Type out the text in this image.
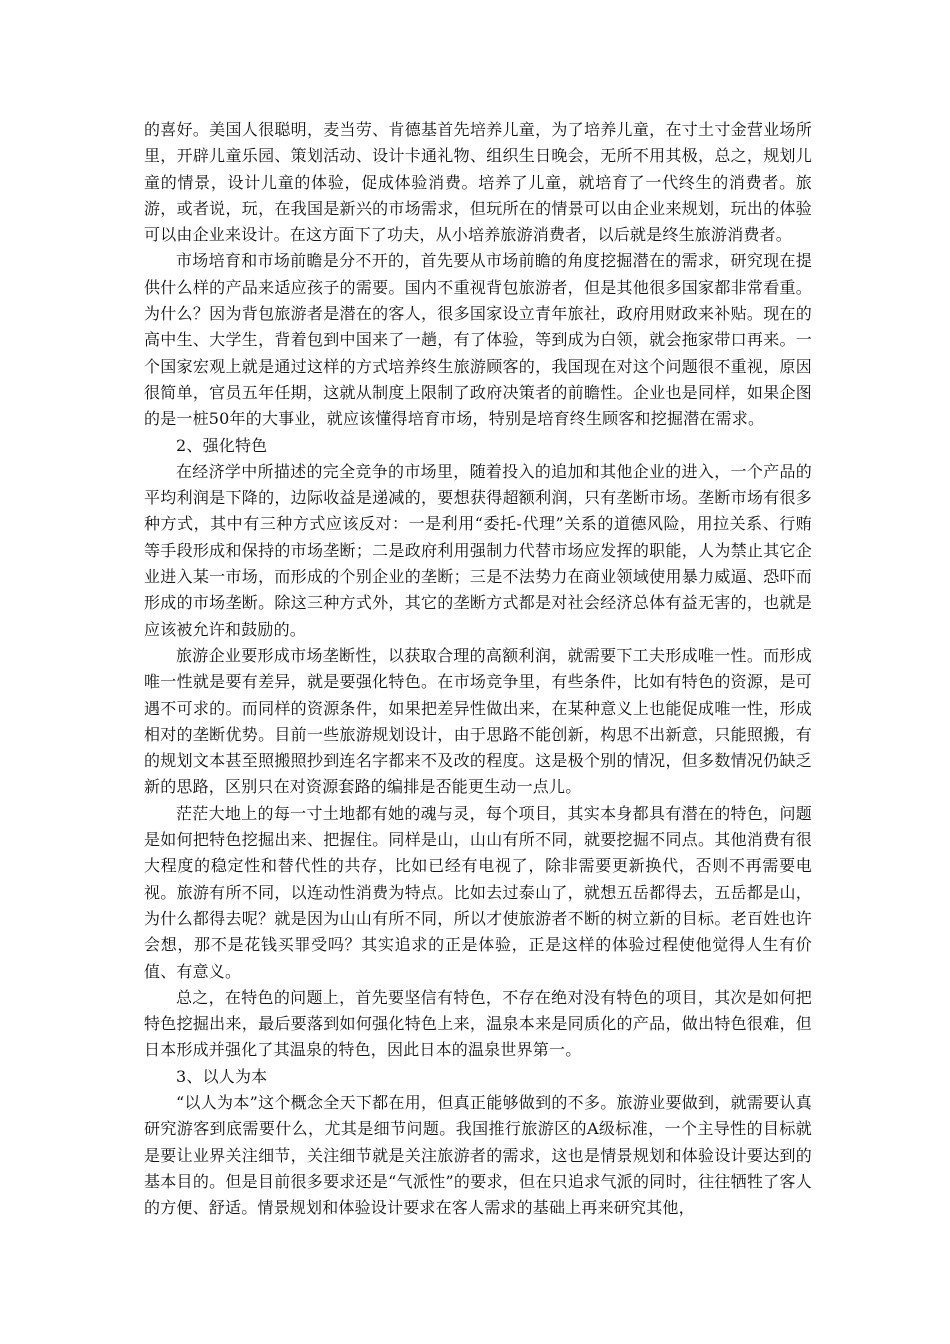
的喜好。美国人很聪明，麦当劳、肯德基首先培养儿童，为了培养儿童，在寸土寸金营业场所里，开辟儿童乐园、策划活动、设计卡通礼物、组织生日晚会，无所不用其极，总之，规划儿童的情景，设计儿童的体验，促成体验消费。培养了儿童，就培育了一代终生的消费者。旅游，或者说，玩，在我国是新兴的市场需求，但玩所在的情景可以由企业来规划，玩出的体验可以由企业来设计。在这方面下了功夫，从小培养旅游消费者，以后就是终生旅游消费者。

市场培育和市场前瞻是分不开的，首先要从市场前瞻的角度挖掘潜在的需求，研究现在提供什么样的产品来适应孩子的需要。国内不重视背包旅游者，但是其他很多国家都非常看重。为什么？因为背包旅游者是潜在的客人，很多国家设立青年旅社，政府用财政来补贴。现在的高中生、大学生，背着包到中国来了一趟，有了体验，等到成为白领，就会拖家带口再来。一个国家宏观上就是通过这样的方式培养终生旅游顾客的，我国现在对这个问题很不重视，原因很简单，官员五年任期，这就从制度上限制了政府决策者的前瞻性。企业也是同样，如果企图的是一桩50年的大事业，就应该懂得培育市场，特别是培育终生顾客和挖掘潜在需求。

2、强化特色

在经济学中所描述的完全竞争的市场里，随着投入的追加和其他企业的进入，一个产品的平均利润是下降的，边际收益是递减的，要想获得超额利润，只有垄断市场。垄断市场有很多种方式，其中有三种方式应该反对：一是利用“委托-代理”关系的道德风险，用拉关系、行贿等手段形成和保持的市场垄断；二是政府利用强制力代替市场应发挥的职能，人为禁止其它企业进入某一市场，而形成的个别企业的垄断；三是不法势力在商业领域使用暴力威逼、恐吓而形成的市场垄断。除这三种方式外，其它的垄断方式都是对社会经济总体有益无害的，也就是应该被允许和鼓励的。

旅游企业要形成市场垄断性，以获取合理的高额利润，就需要下工夫形成唯一性。而形成唯一性就是要有差异，就是要强化特色。在市场竞争里，有些条件，比如有特色的资源，是可遇不可求的。而同样的资源条件，如果把差异性做出来，在某种意义上也能促成唯一性，形成相对的垄断优势。目前一些旅游规划设计，由于思路不能创新，构思不出新意，只能照搬，有的规划文本甚至照搬照抄到连名字都来不及改的程度。这是极个别的情况，但多数情况仍缺乏新的思路，区别只在对资源套路的编排是否能更生动一点儿。

茫茫大地上的每一寸土地都有她的魂与灵，每个项目，其实本身都具有潜在的特色，问题是如何把特色挖掘出来、把握住。同样是山，山山有所不同，就要挖掘不同点。其他消费有很大程度的稳定性和替代性的共存，比如已经有电视了，除非需要更新换代，否则不再需要电视。旅游有所不同，以连动性消费为特点。比如去过泰山了，就想五岳都得去，五岳都是山，为什么都得去呢？就是因为山山有所不同，所以才使旅游者不断的树立新的目标。老百姓也许会想，那不是花钱买罪受吗？其实追求的正是体验，正是这样的体验过程使他觉得人生有价值、有意义。

总之，在特色的问题上，首先要坚信有特色，不存在绝对没有特色的项目，其次是如何把特色挖掘出来，最后要落到如何强化特色上来，温泉本来是同质化的产品，做出特色很难，但日本形成并强化了其温泉的特色，因此日本的温泉世界第一。

3、以人为本

“以人为本”这个概念全天下都在用，但真正能够做到的不多。旅游业要做到，就需要认真研究游客到底需要什么，尤其是细节问题。我国推行旅游区的A级标准，一个主导性的目标就是要让业界关注细节，关注细节就是关注旅游者的需求，这也是情景规划和体验设计要达到的基本目的。但是目前很多要求还是“气派性”的要求，但在只追求气派的同时，往往牺牲了客人的方便、舒适。情景规划和体验设计要求在客人需求的基础上再来研究其他，
